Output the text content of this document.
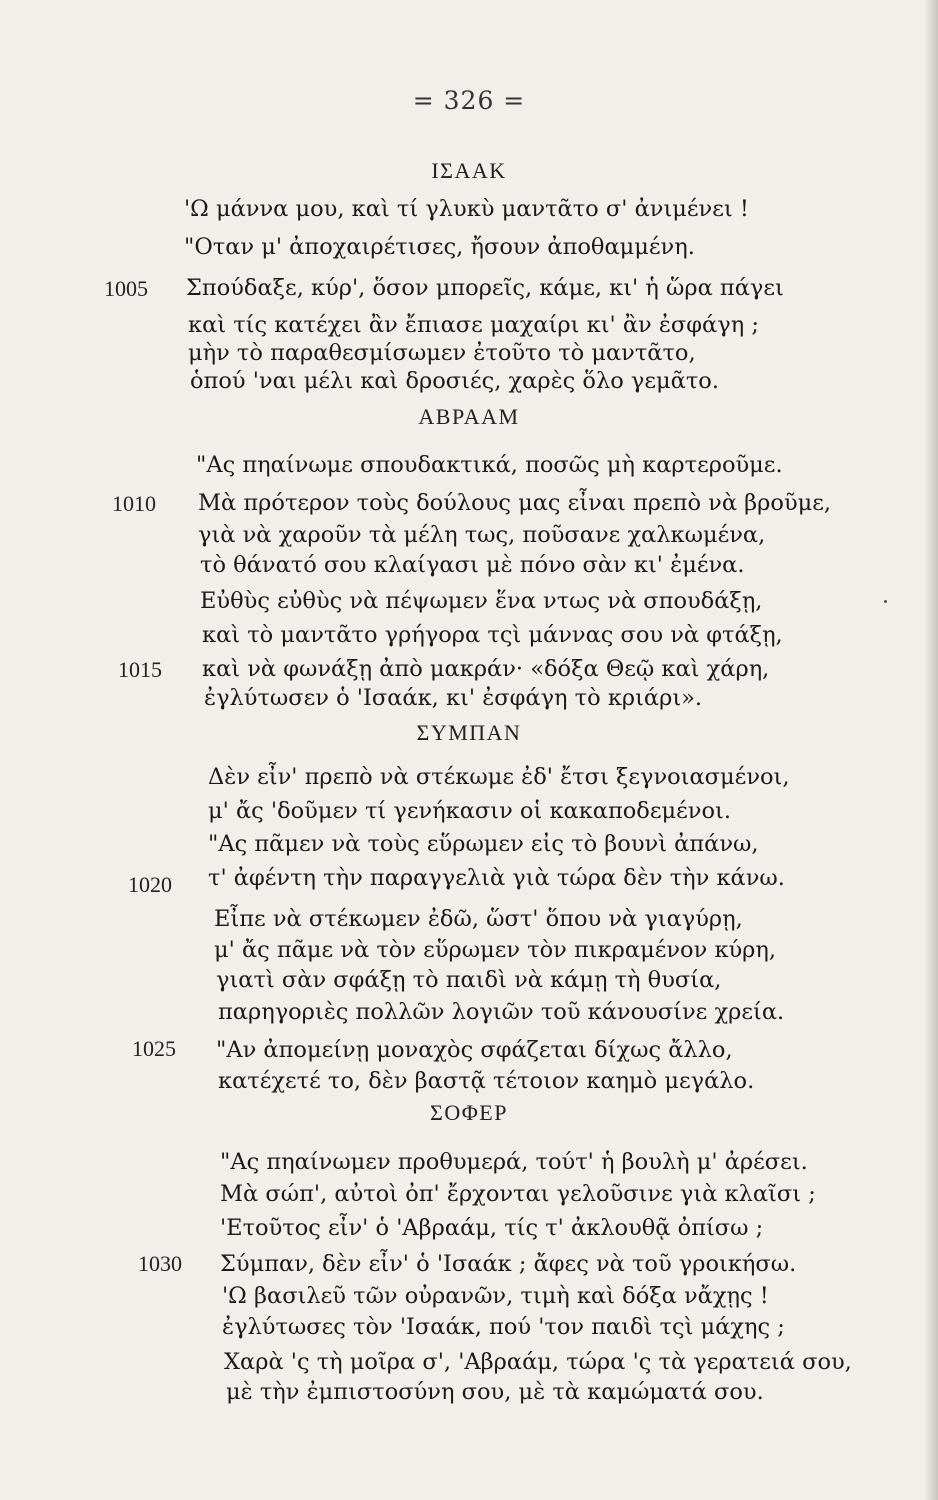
= 326 =
ΙΣΑΑΚ
ΑΒΡΑΑΜ
ΣΥΜΠΑΝ
ΣΟΦΕΡ
1005
1010
1015
1020
1025
1030
'Ω μάννα μου, καὶ τί γλυκὺ μαντᾶτο σ' ἀνιμένει !
"Οταν μ' ἀποχαιρέτισες, ἤσουν ἀποθαμμένη.
Σπούδαξε, κύρ', ὅσον μπορεῖς, κάμε, κι' ἡ ὥρα πάγει
καὶ τίς κατέχει ἂν ἔπιασε μαχαίρι κι' ἂν ἐσφάγη ;
μὴν τὸ παραθεσμίσωμεν ἐτοῦτο τὸ μαντᾶτο,
ὁπού 'ναι μέλι καὶ δροσιές, χαρὲς ὅλο γεμᾶτο.
"Ας πηαίνωμε σπουδακτικά, ποσῶς μὴ καρτεροῦμε.
Μὰ πρότερον τοὺς δούλους μας εἶναι πρεπὸ νὰ βροῦμε,
γιὰ νὰ χαροῦν τὰ μέλη τως, ποῦσανε χαλκωμένα,
τὸ θάνατό σου κλαίγασι μὲ πόνο σὰν κι' ἐμένα.
Εὐθὺς εὐθὺς νὰ πέψωμεν ἕνα ντως νὰ σπουδάξῃ,
καὶ τὸ μαντᾶτο γρήγορα τςὶ μάννας σου νὰ φτάξῃ,
καὶ νὰ φωνάξῃ ἀπὸ μακράν· «δόξα Θεῷ καὶ χάρη,
ἐγλύτωσεν ὁ 'Ισαάκ, κι' ἐσφάγη τὸ κριάρι».
Δὲν εἶν' πρεπὸ νὰ στέκωμε ἐδ' ἔτσι ξεγνοιασμένοι,
μ' ἄς 'δοῦμεν τί γενήκασιν οἱ κακαποδεμένοι.
"Ας πᾶμεν νὰ τοὺς εὕρωμεν εἰς τὸ βουνὶ ἀπάνω,
τ' ἀφέντη τὴν παραγγελιὰ γιὰ τώρα δὲν τὴν κάνω.
Εἶπε νὰ στέκωμεν ἐδῶ, ὥστ' ὅπου νὰ γιαγύρῃ,
μ' ἄς πᾶμε νὰ τὸν εὕρωμεν τὸν πικραμένον κύρη,
γιατὶ σὰν σφάξῃ τὸ παιδὶ νὰ κάμῃ τὴ θυσία,
παρηγοριὲς πολλῶν λογιῶν τοῦ κάνουσίνε χρεία.
"Αν ἀπομείνῃ μοναχὸς σφάζεται δίχως ἄλλο,
κατέχετέ το, δὲν βαστᾷ τέτοιον καημὸ μεγάλο.
"Ας πηαίνωμεν προθυμερά, τούτ' ἡ βουλὴ μ' ἀρέσει.
Μὰ σώπ', αὐτοὶ ὀπ' ἔρχονται γελοῦσινε γιὰ κλαῖσι ;
'Ετοῦτος εἶν' ὁ 'Αβραάμ, τίς τ' ἀκλουθᾷ ὀπίσω ;
Σύμπαν, δὲν εἶν' ὁ 'Ισαάκ ; ἄφες νὰ τοῦ γροικήσω.
'Ω βασιλεῦ τῶν οὐρανῶν, τιμὴ καὶ δόξα νἄχῃς !
ἐγλύτωσες τὸν 'Ισαάκ, πού 'τον παιδὶ τςὶ μάχης ;
Χαρὰ 'ς τὴ μοῖρα σ', 'Αβραάμ, τώρα 'ς τὰ γερατειά σου,
μὲ τὴν ἐμπιστοσύνη σου, μὲ τὰ καμώματά σου.
